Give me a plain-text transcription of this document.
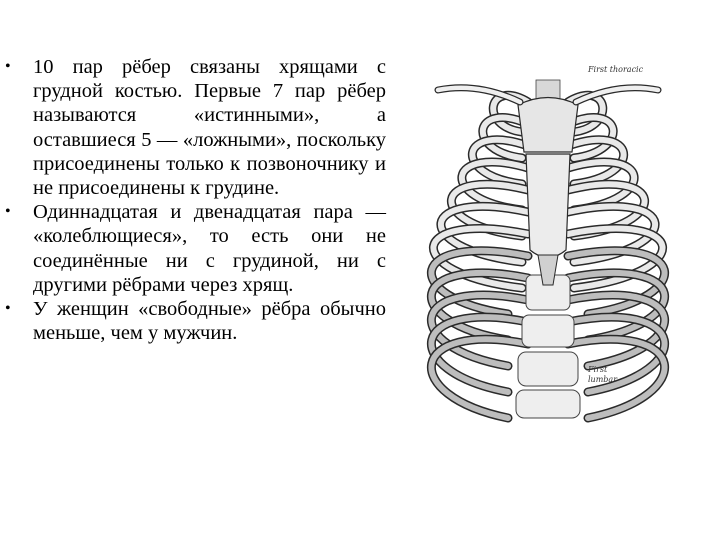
• 10 пар рёбер связаны хрящами с грудной костью. Первые 7 пар рёбер называются «истинными», а оставшиеся 5 — «ложными», поскольку присоединены только к позвоночнику и не присоединены к грудине.
• Одиннадцатая и двенадцатая пара — «колеблющиеся», то есть они не соединённые ни с грудиной, ни с другими рёбрами через хрящ.
• У женщин «свободные» рёбра обычно меньше, чем у мужчин.
First thoracic
First
lumbar
